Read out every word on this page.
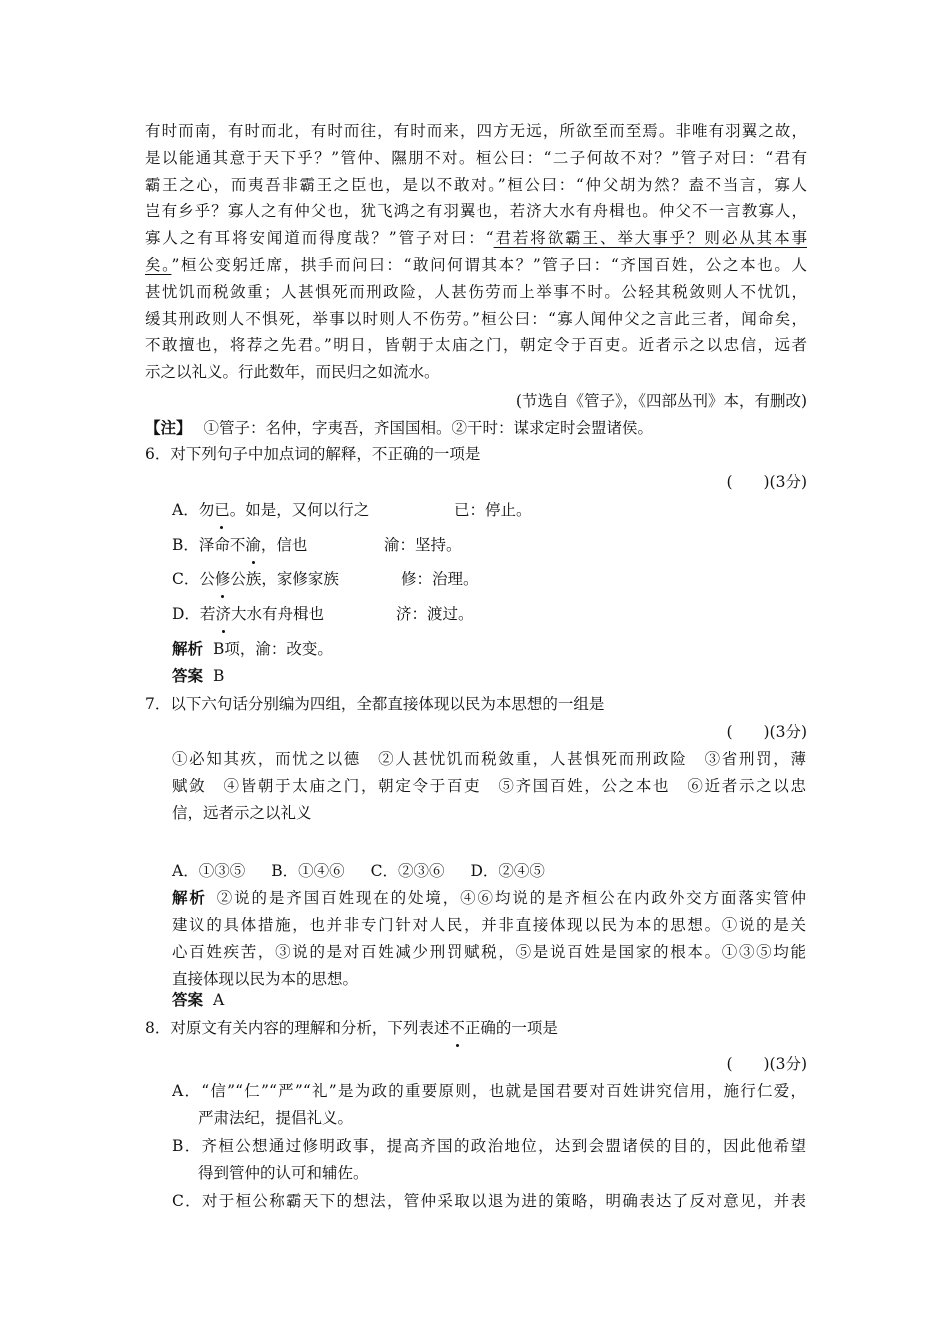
有时而南，有时而北，有时而往，有时而来，四方无远，所欲至而至焉。非唯有羽翼之故，
是以能通其意于天下乎？”管仲、隰朋不对。桓公曰：“二子何故不对？”管子对曰：“君有
霸王之心，而夷吾非霸王之臣也，是以不敢对。”桓公曰：“仲父胡为然？盍不当言，寡人
岂有乡乎？寡人之有仲父也，犹飞鸿之有羽翼也，若济大水有舟楫也。仲父不一言教寡人，
寡人之有耳将安闻道而得度哉？”管子对曰：“君若将欲霸王、举大事乎？则必从其本事
矣。”桓公变躬迁席，拱手而问曰：“敢问何谓其本？”管子曰：“齐国百姓，公之本也。人
甚忧饥而税敛重；人甚惧死而刑政险，人甚伤劳而上举事不时。公轻其税敛则人不忧饥，
缓其刑政则人不惧死，举事以时则人不伤劳。”桓公曰：“寡人闻仲父之言此三者，闻命矣，
不敢擅也，将荐之先君。”明日，皆朝于太庙之门，朝定令于百吏。近者示之以忠信，远者
示之以礼义。行此数年，而民归之如流水。
(节选自《管子》，《四部丛刊》本，有删改)
【注】 ①管子：名仲，字夷吾，齐国国相。②干时：谋求定时会盟诸侯。
6．对下列句子中加点词的解释，不正确的一项是
(　　)(3分)
A．勿已。如是，又何以行之	已：停止。
B．泽命不渝，信也	渝：坚持。
C．公修公族，家修家族	修：治理。
D．若济大水有舟楫也	济：渡过。
解析 B项，渝：改变。
答案 B
7．以下六句话分别编为四组，全都直接体现以民为本思想的一组是
(　　)(3分)
①必知其疚，而忧之以德　②人甚忧饥而税敛重，人甚惧死而刑政险　③省刑罚，薄
赋敛　④皆朝于太庙之门，朝定令于百吏　⑤齐国百姓，公之本也　⑥近者示之以忠
信，远者示之以礼义
A．①③⑤ B．①④⑥ C．②③⑥ D．②④⑤
解析 ②说的是齐国百姓现在的处境，④⑥均说的是齐桓公在内政外交方面落实管仲
建议的具体措施，也并非专门针对人民，并非直接体现以民为本的思想。①说的是关
心百姓疾苦，③说的是对百姓减少刑罚赋税，⑤是说百姓是国家的根本。①③⑤均能
直接体现以民为本的思想。
答案 A
8．对原文有关内容的理解和分析，下列表述不正确的一项是
(　　)(3分)
A．“信”“仁”“严”“礼”是为政的重要原则，也就是国君要对百姓讲究信用，施行仁爱，
严肃法纪，提倡礼义。
B．齐桓公想通过修明政事，提高齐国的政治地位，达到会盟诸侯的目的，因此他希望
得到管仲的认可和辅佐。
C．对于桓公称霸天下的想法，管仲采取以退为进的策略，明确表达了反对意见，并表
